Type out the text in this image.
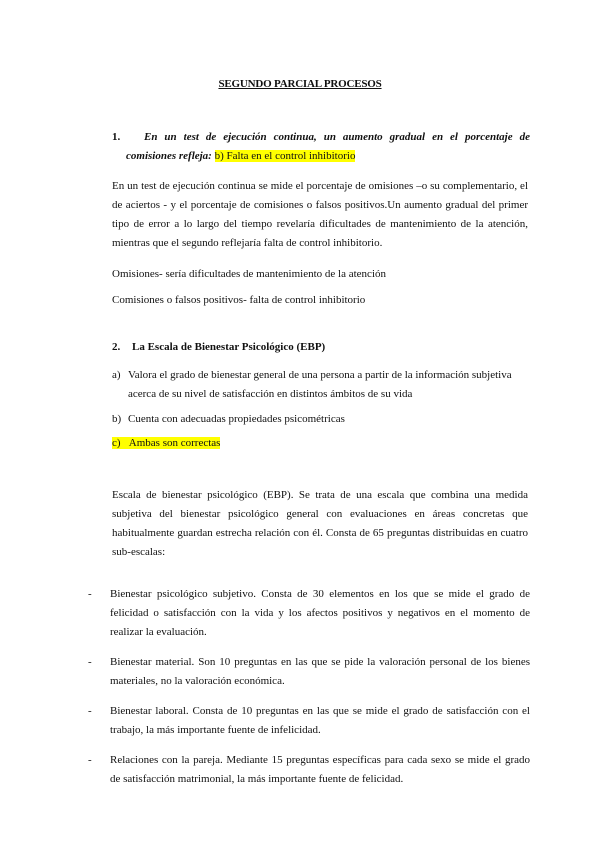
SEGUNDO PARCIAL PROCESOS

1.	En un test de ejecución continua, un aumento gradual en el porcentaje de comisiones refleja: b) Falta en el control inhibitorio

En un test de ejecución continua se mide el porcentaje de omisiones –o su complementario, el de aciertos - y el porcentaje de comisiones o falsos positivos.Un aumento gradual del primer tipo de error a lo largo del tiempo revelaría dificultades de mantenimiento de la atención, mientras que el segundo reflejaría falta de control inhibitorio.

Omisiones- sería dificultades de mantenimiento de la atención

Comisiones o falsos positivos- falta de control inhibitorio

2. La Escala de Bienestar Psicológico (EBP)

a) Valora el grado de bienestar general de una persona a partir de la información subjetiva acerca de su nivel de satisfacción en distintos ámbitos de su vida
b) Cuenta con adecuadas propiedades psicométricas
c) Ambas son correctas

Escala de bienestar psicológico (EBP). Se trata de una escala que combina una medida subjetiva del bienestar psicológico general con evaluaciones en áreas concretas que habitualmente guardan estrecha relación con él. Consta de 65 preguntas distribuidas en cuatro sub-escalas:

- Bienestar psicológico subjetivo. Consta de 30 elementos en los que se mide el grado de felicidad o satisfacción con la vida y los afectos positivos y negativos en el momento de realizar la evaluación.

- Bienestar material. Son 10 preguntas en las que se pide la valoración personal de los bienes materiales, no la valoración económica.

- Bienestar laboral. Consta de 10 preguntas en las que se mide el grado de satisfacción con el trabajo, la más importante fuente de infelicidad.

- Relaciones con la pareja. Mediante 15 preguntas específicas para cada sexo se mide el grado de satisfacción matrimonial, la más importante fuente de felicidad.
